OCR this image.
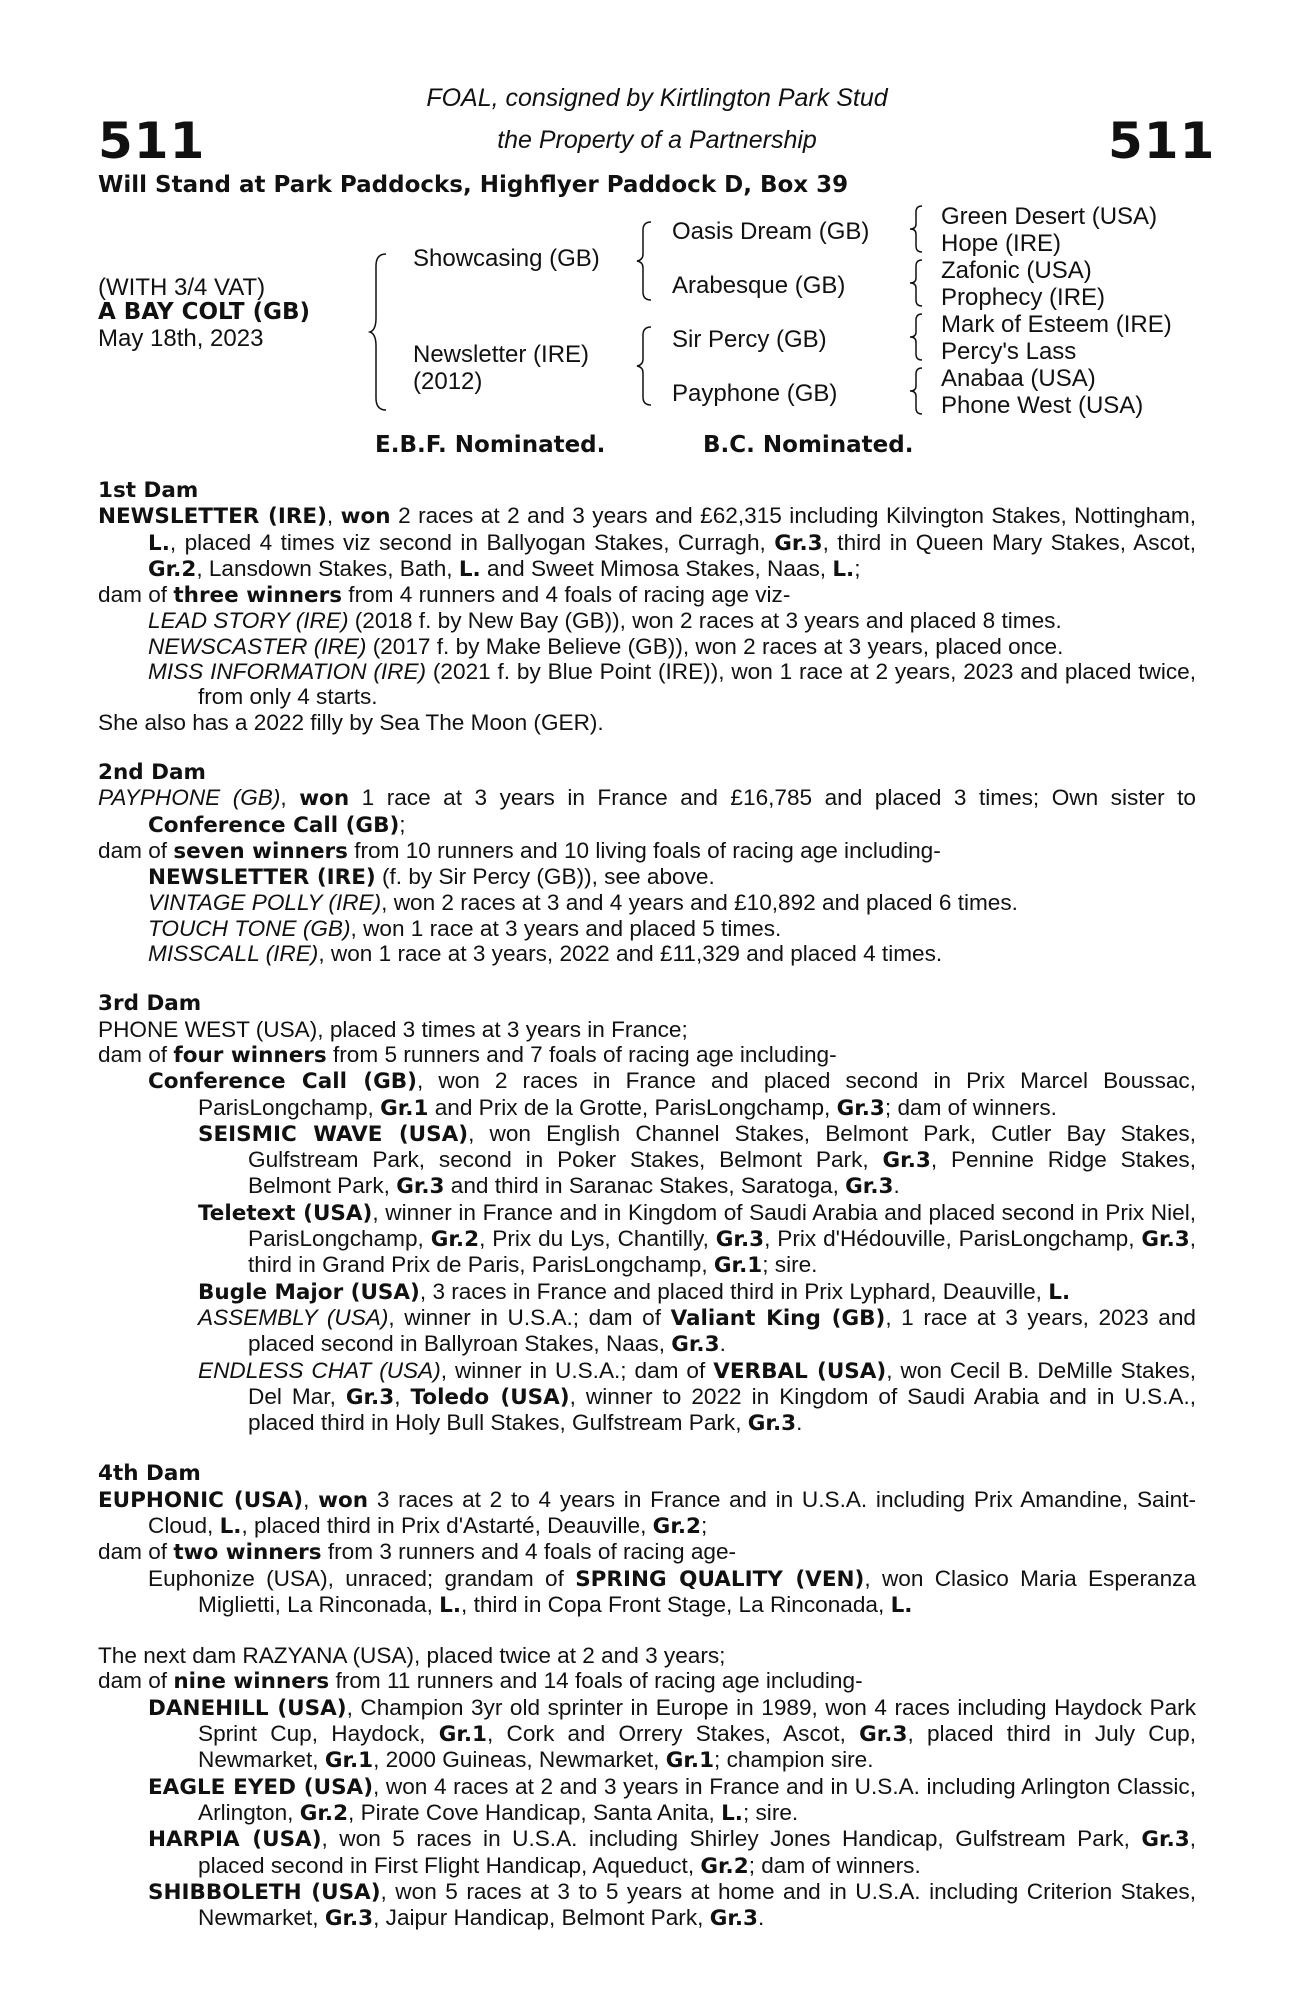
511	511
FOAL, consigned by Kirtlington Park Stud
the Property of a Partnership
Will Stand at Park Paddocks, Highflyer Paddock D, Box 39
(WITH 3/4 VAT)
A BAY COLT (GB)
May 18th, 2023
Showcasing (GB)
Newsletter (IRE)
(2012)
Oasis Dream (GB)
Arabesque (GB)
Sir Percy (GB)
Payphone (GB)
Green Desert (USA)
Hope (IRE)
Zafonic (USA)
Prophecy (IRE)
Mark of Esteem (IRE)
Percy's Lass
Anabaa (USA)
Phone West (USA)
E.B.F. Nominated.	B.C. Nominated.
1st Dam
NEWSLETTER (IRE), won 2 races at 2 and 3 years and £62,315 including Kilvington Stakes, Nottingham, L., placed 4 times viz second in Ballyogan Stakes, Curragh, Gr.3, third in Queen Mary Stakes, Ascot, Gr.2, Lansdown Stakes, Bath, L. and Sweet Mimosa Stakes, Naas, L.;
dam of three winners from 4 runners and 4 foals of racing age viz-
LEAD STORY (IRE) (2018 f. by New Bay (GB)), won 2 races at 3 years and placed 8 times.
NEWSCASTER (IRE) (2017 f. by Make Believe (GB)), won 2 races at 3 years, placed once.
MISS INFORMATION (IRE) (2021 f. by Blue Point (IRE)), won 1 race at 2 years, 2023 and placed twice, from only 4 starts.
She also has a 2022 filly by Sea The Moon (GER).
2nd Dam
PAYPHONE (GB), won 1 race at 3 years in France and £16,785 and placed 3 times; Own sister to Conference Call (GB);
dam of seven winners from 10 runners and 10 living foals of racing age including-
NEWSLETTER (IRE) (f. by Sir Percy (GB)), see above.
VINTAGE POLLY (IRE), won 2 races at 3 and 4 years and £10,892 and placed 6 times.
TOUCH TONE (GB), won 1 race at 3 years and placed 5 times.
MISSCALL (IRE), won 1 race at 3 years, 2022 and £11,329 and placed 4 times.
3rd Dam
PHONE WEST (USA), placed 3 times at 3 years in France;
dam of four winners from 5 runners and 7 foals of racing age including-
Conference Call (GB), won 2 races in France and placed second in Prix Marcel Boussac, ParisLongchamp, Gr.1 and Prix de la Grotte, ParisLongchamp, Gr.3; dam of winners.
SEISMIC WAVE (USA), won English Channel Stakes, Belmont Park, Cutler Bay Stakes, Gulfstream Park, second in Poker Stakes, Belmont Park, Gr.3, Pennine Ridge Stakes, Belmont Park, Gr.3 and third in Saranac Stakes, Saratoga, Gr.3.
Teletext (USA), winner in France and in Kingdom of Saudi Arabia and placed second in Prix Niel, ParisLongchamp, Gr.2, Prix du Lys, Chantilly, Gr.3, Prix d'Hédouville, ParisLongchamp, Gr.3, third in Grand Prix de Paris, ParisLongchamp, Gr.1; sire.
Bugle Major (USA), 3 races in France and placed third in Prix Lyphard, Deauville, L.
ASSEMBLY (USA), winner in U.S.A.; dam of Valiant King (GB), 1 race at 3 years, 2023 and placed second in Ballyroan Stakes, Naas, Gr.3.
ENDLESS CHAT (USA), winner in U.S.A.; dam of VERBAL (USA), won Cecil B. DeMille Stakes, Del Mar, Gr.3, Toledo (USA), winner to 2022 in Kingdom of Saudi Arabia and in U.S.A., placed third in Holy Bull Stakes, Gulfstream Park, Gr.3.
4th Dam
EUPHONIC (USA), won 3 races at 2 to 4 years in France and in U.S.A. including Prix Amandine, Saint-Cloud, L., placed third in Prix d'Astarté, Deauville, Gr.2;
dam of two winners from 3 runners and 4 foals of racing age-
Euphonize (USA), unraced; grandam of SPRING QUALITY (VEN), won Clasico Maria Esperanza Miglietti, La Rinconada, L., third in Copa Front Stage, La Rinconada, L.
The next dam RAZYANA (USA), placed twice at 2 and 3 years;
dam of nine winners from 11 runners and 14 foals of racing age including-
DANEHILL (USA), Champion 3yr old sprinter in Europe in 1989, won 4 races including Haydock Park Sprint Cup, Haydock, Gr.1, Cork and Orrery Stakes, Ascot, Gr.3, placed third in July Cup, Newmarket, Gr.1, 2000 Guineas, Newmarket, Gr.1; champion sire.
EAGLE EYED (USA), won 4 races at 2 and 3 years in France and in U.S.A. including Arlington Classic, Arlington, Gr.2, Pirate Cove Handicap, Santa Anita, L.; sire.
HARPIA (USA), won 5 races in U.S.A. including Shirley Jones Handicap, Gulfstream Park, Gr.3, placed second in First Flight Handicap, Aqueduct, Gr.2; dam of winners.
SHIBBOLETH (USA), won 5 races at 3 to 5 years at home and in U.S.A. including Criterion Stakes, Newmarket, Gr.3, Jaipur Handicap, Belmont Park, Gr.3.
